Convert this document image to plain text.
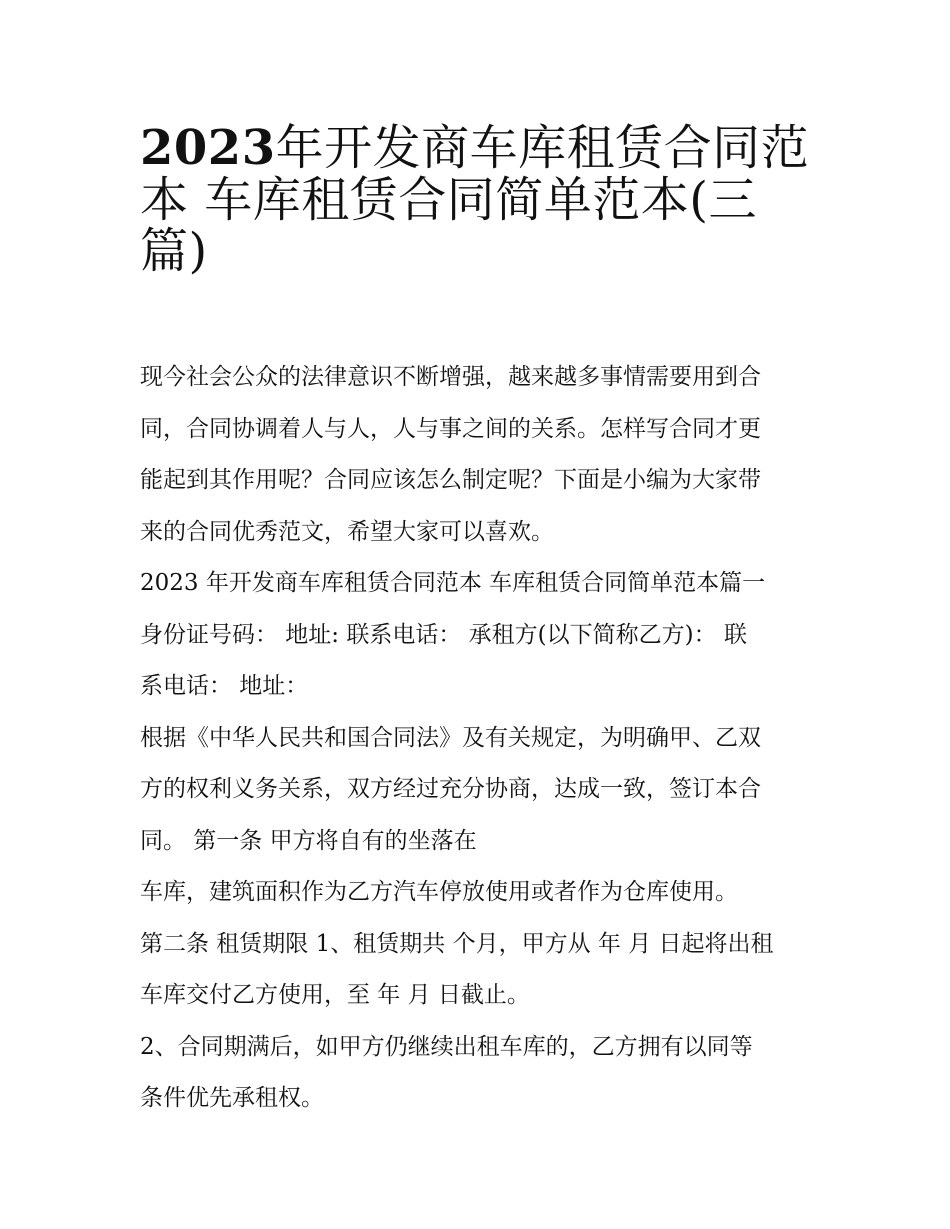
2023年开发商车库租赁合同范
本 车库租赁合同简单范本(三
篇)

现今社会公众的法律意识不断增强，越来越多事情需要用到合
同，合同协调着人与人，人与事之间的关系。怎样写合同才更
能起到其作用呢？合同应该怎么制定呢？下面是小编为大家带
来的合同优秀范文，希望大家可以喜欢。

2023 年开发商车库租赁合同范本 车库租赁合同简单范本篇一

身份证号码： 地址: 联系电话： 承租方(以下简称乙方)： 联
系电话： 地址：

根据《中华人民共和国合同法》及有关规定，为明确甲、乙双
方的权利义务关系，双方经过充分协商，达成一致，签订本合
同。 第一条 甲方将自有的坐落在

车库，建筑面积作为乙方汽车停放使用或者作为仓库使用。

第二条 租赁期限 1、租赁期共 个月，甲方从 年 月 日起将出租
车库交付乙方使用，至 年 月 日截止。

2、合同期满后，如甲方仍继续出租车库的，乙方拥有以同等
条件优先承租权。
